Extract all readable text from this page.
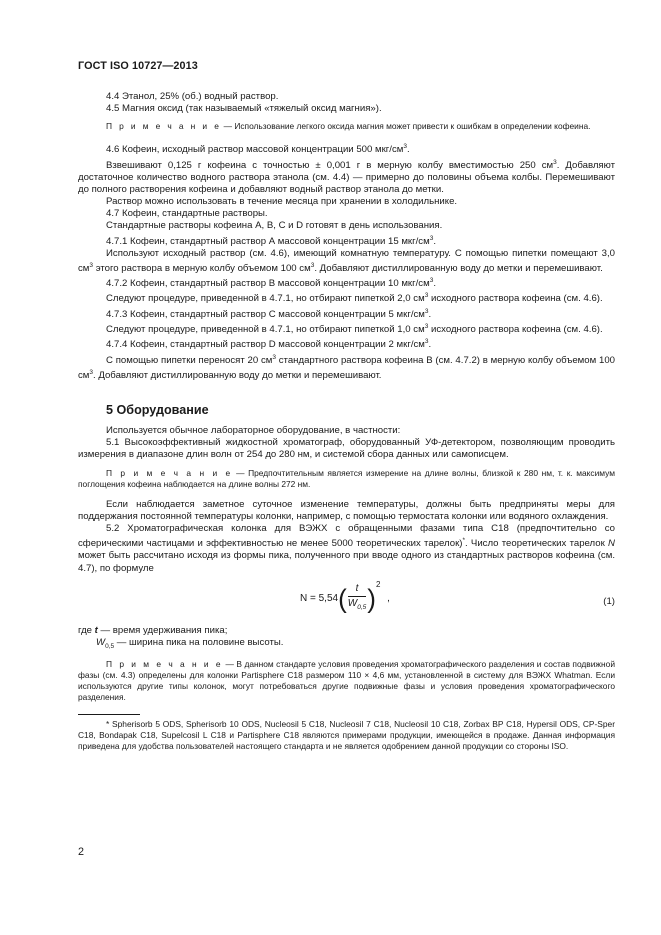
ГОСТ ISO 10727—2013

4.4 Этанол, 25% (об.) водный раствор.

4.5 Магния оксид (так называемый «тяжелый оксид магния»).

П р и м е ч а н и е — Использование легкого оксида магния может привести к ошибкам в определении кофеина.

4.6 Кофеин, исходный раствор массовой концентрации 500 мкг/$см^3$.

Взвешивают 0,125 г кофеина с точностью ± 0,001 г в мерную колбу вместимостью 250 $см^3$. Добавляют достаточное количество водного раствора этанола (см. 4.4) — примерно до половины объема колбы. Перемешивают до полного растворения кофеина и добавляют водный раствор этанола до метки.

Раствор можно использовать в течение месяца при хранении в холодильнике.

4.7 Кофеин, стандартные растворы.

Стандартные растворы кофеина A, B, C и D готовят в день использования.

4.7.1 Кофеин, стандартный раствор А массовой концентрации 15 мкг/$см^3$.

Используют исходный раствор (см. 4.6), имеющий комнатную температуру. С помощью пипетки помещают 3,0 $см^3$ этого раствора в мерную колбу объемом 100 $см^3$. Добавляют дистиллированную воду до метки и перемешивают.

4.7.2 Кофеин, стандартный раствор В массовой концентрации 10 мкг/$см^3$.

Следуют процедуре, приведенной в 4.7.1, но отбирают пипеткой 2,0 $см^3$ исходного раствора кофеина (см. 4.6).

4.7.3 Кофеин, стандартный раствор С массовой концентрации 5 мкг/$см^3$.

Следуют процедуре, приведенной в 4.7.1, но отбирают пипеткой 1,0 $см^3$ исходного раствора кофеина (см. 4.6).

4.7.4 Кофеин, стандартный раствор D массовой концентрации 2 мкг/$см^3$.

С помощью пипетки переносят 20 $см^3$ стандартного раствора кофеина В (см. 4.7.2) в мерную колбу объемом 100 $см^3$. Добавляют дистиллированную воду до метки и перемешивают.

5 Оборудование

Используется обычное лабораторное оборудование, в частности:

5.1 Высокоэффективный жидкостной хроматограф, оборудованный УФ-детектором, позволяющим проводить измерения в диапазоне длин волн от 254 до 280 нм, и системой сбора данных или самописцем.

П р и м е ч а н и е — Предпочтительным является измерение на длине волны, близкой к 280 нм, т. к. максимум поглощения кофеина наблюдается на длине волны 272 нм.

Если наблюдается заметное суточное изменение температуры, должны быть предприняты меры для поддержания постоянной температуры колонки, например, с помощью термостата колонки или водяного охлаждения.

5.2 Хроматографическая колонка для ВЭЖХ с обращенными фазами типа С18 (предпочтительно со сферическими частицами и эффективностью не менее 5000 теоретических тарелок)*. Число теоретических тарелок N может быть рассчитано исходя из формы пика, полученного при вводе одного из стандартных растворов кофеина (см. 4.7), по формуле

$N = 5,54( \frac{t}{W_{0,5}} )^2$ ,	(1)

где t — время удерживания пика;

$W_{0,5}$ — ширина пика на половине высоты.

П р и м е ч а н и е — В данном стандарте условия проведения хроматографического разделения и состав подвижной фазы (см. 4.3) определены для колонки Partisphere C18 размером 110 × 4,6 мм, установленной в систему для ВЭЖХ Whatman. Если используются другие типы колонок, могут потребоваться другие подвижные фазы и условия проведения хроматографического разделения.

* Spherisorb 5 ODS, Spherisorb 10 ODS, Nucleosil 5 C18, Nucleosil 7 C18, Nucleosil 10 C18, Zorbax BP C18, Hypersil ODS, CP-Sper C18, Bondapak C18, Supelcosil L C18 и Partisphere C18 являются примерами продукции, имеющейся в продаже. Данная информация приведена для удобства пользователей настоящего стандарта и не является одобрением данной продукции со стороны ISO.

2
